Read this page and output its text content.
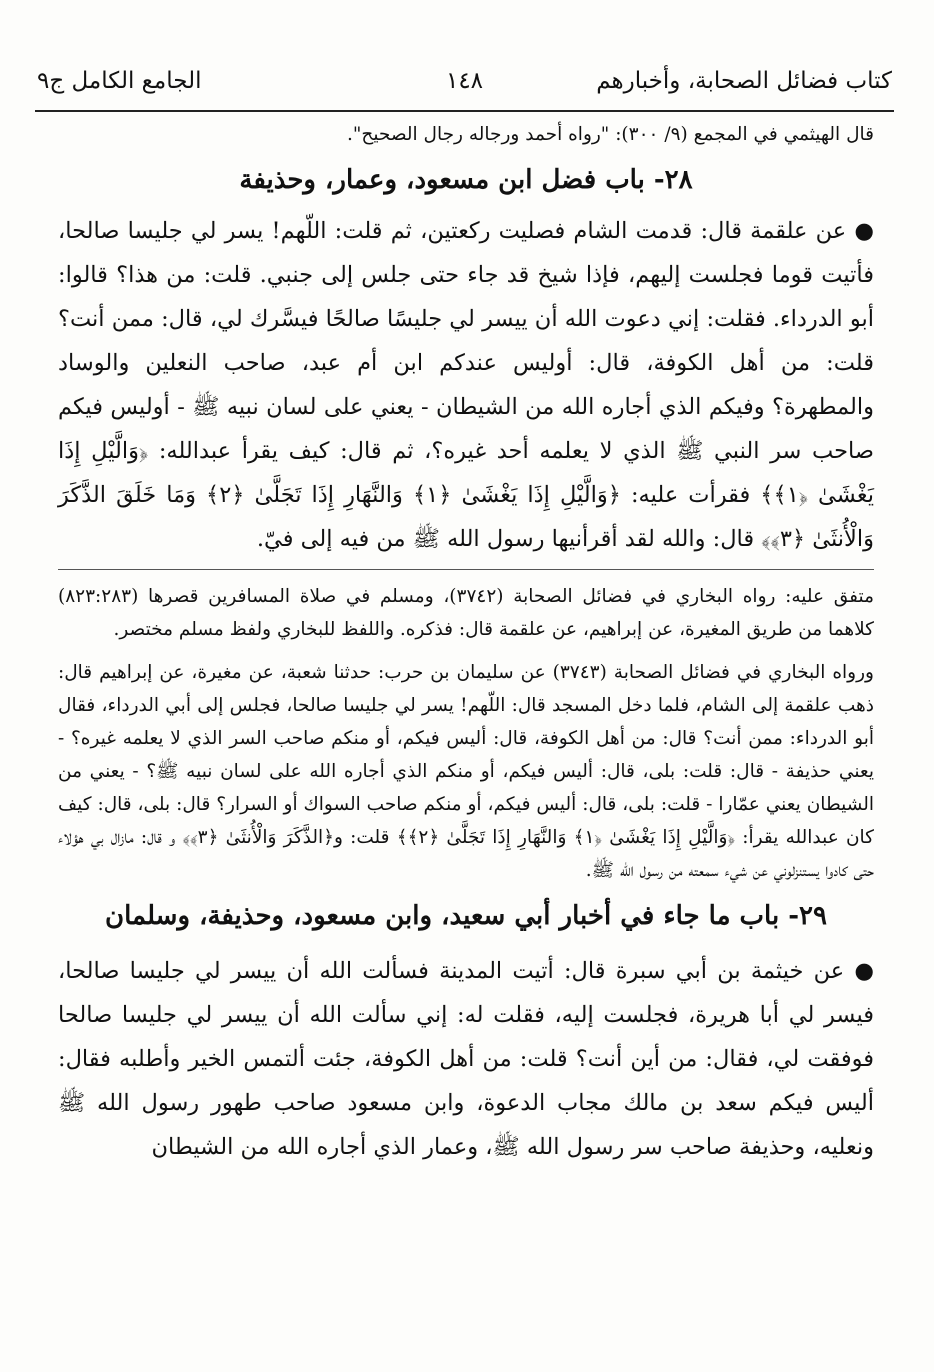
كتاب فضائل الصحابة، وأخبارهم
١٤٨
الجامع الكامل ج٩

قال الهيثمي في المجمع (٩/ ٣٠٠): "رواه أحمد ورجاله رجال الصحيح".

٢٨- باب فضل ابن مسعود، وعمار، وحذيفة

● عن علقمة قال: قدمت الشام فصليت ركعتين، ثم قلت: اللّهم! يسر لي جليسا صالحا، فأتيت قوما فجلست إليهم، فإذا شيخ قد جاء حتى جلس إلى جنبي. قلت: من هذا؟ قالوا: أبو الدرداء. فقلت: إني دعوت الله أن ييسر لي جليسًا صالحًا فيسَّرك لي، قال: ممن أنت؟ قلت: من أهل الكوفة، قال: أوليس عندكم ابن أم عبد، صاحب النعلين والوساد والمطهرة؟ وفيكم الذي أجاره الله من الشيطان - يعني على لسان نبيه ﷺ - أوليس فيكم صاحب سر النبي ﷺ الذي لا يعلمه أحد غيره؟، ثم قال: كيف يقرأ عبدالله: ﴿وَالَّيْلِ إِذَا يَغْشَىٰ ﴿١﴾﴾ فقرأت عليه: ﴿وَالَّيْلِ إِذَا يَغْشَىٰ ﴿١﴾ وَالنَّهَارِ إِذَا تَجَلَّىٰ ﴿٢﴾ وَمَا خَلَقَ الذَّكَرَ وَالْأُنثَىٰ ﴿٣﴾﴾ قال: والله لقد أقرأنيها رسول الله ﷺ من فيه إلى فيّ.

متفق عليه: رواه البخاري في فضائل الصحابة (٣٧٤٢)، ومسلم في صلاة المسافرين قصرها (٨٢٣:٢٨٣) كلاهما من طريق المغيرة، عن إبراهيم، عن علقمة قال: فذكره. واللفظ للبخاري ولفظ مسلم مختصر.

ورواه البخاري في فضائل الصحابة (٣٧٤٣) عن سليمان بن حرب: حدثنا شعبة، عن مغيرة، عن إبراهيم قال: ذهب علقمة إلى الشام، فلما دخل المسجد قال: اللّهم! يسر لي جليسا صالحا، فجلس إلى أبي الدرداء، فقال أبو الدرداء: ممن أنت؟ قال: من أهل الكوفة، قال: أليس فيكم، أو منكم صاحب السر الذي لا يعلمه غيره؟ - يعني حذيفة - قال: قلت: بلى، قال: أليس فيكم، أو منكم الذي أجاره الله على لسان نبيه ﷺ؟ - يعني من الشيطان يعني عمّارا - قلت: بلى، قال: أليس فيكم، أو منكم صاحب السواك أو السرار؟ قال: بلى، قال: كيف كان عبدالله يقرأ: ﴿وَالَّيْلِ إِذَا يَغْشَىٰ ﴿١﴾ وَالنَّهَارِ إِذَا تَجَلَّىٰ ﴿٢﴾﴾ قلت: و﴿الذَّكَرَ وَالْأُنثَىٰ ﴿٣﴾﴾ و قال: مازال بي هؤلاء حتى كادوا يستنزلوني عن شيء سمعته من رسول الله ﷺ.

٢٩- باب ما جاء في أخبار أبي سعيد، وابن مسعود، وحذيفة، وسلمان

● عن خيثمة بن أبي سبرة قال: أتيت المدينة فسألت الله أن ييسر لي جليسا صالحا، فيسر لي أبا هريرة، فجلست إليه، فقلت له: إني سألت الله أن ييسر لي جليسا صالحا فوفقت لي، فقال: من أين أنت؟ قلت: من أهل الكوفة، جئت ألتمس الخير وأطلبه فقال: أليس فيكم سعد بن مالك مجاب الدعوة، وابن مسعود صاحب طهور رسول الله ﷺ ونعليه، وحذيفة صاحب سر رسول الله ﷺ، وعمار الذي أجاره الله من الشيطان
